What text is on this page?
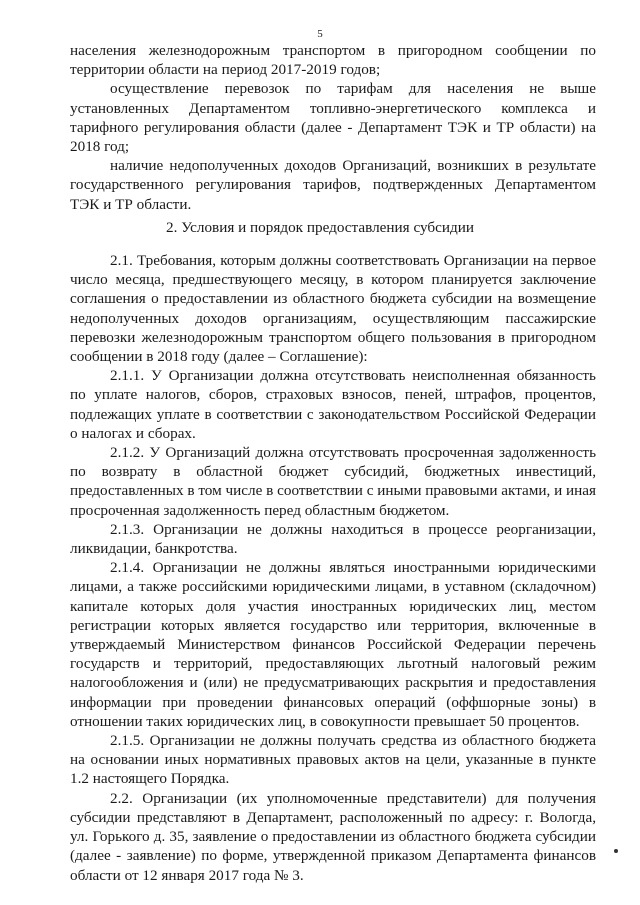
5

населения железнодорожным транспортом в пригородном сообщении по территории области на период 2017-2019 годов;

осуществление перевозок по тарифам для населения не выше установленных Департаментом топливно-энергетического комплекса и тарифного регулирования области (далее - Департамент ТЭК и ТР области) на 2018 год;

наличие недополученных доходов Организаций, возникших в результате государственного регулирования тарифов, подтвержденных Департаментом ТЭК и ТР области.

2. Условия и порядок предоставления субсидии

2.1. Требования, которым должны соответствовать Организации на первое число месяца, предшествующего месяцу, в котором планируется заключение соглашения о предоставлении из областного бюджета субсидии на возмещение недополученных доходов организациям, осуществляющим пассажирские перевозки железнодорожным транспортом общего пользования в пригородном сообщении в 2018 году (далее – Соглашение):

2.1.1. У Организации должна отсутствовать неисполненная обязанность по уплате налогов, сборов, страховых взносов, пеней, штрафов, процентов, подлежащих уплате в соответствии с законодательством Российской Федерации о налогах и сборах.

2.1.2. У Организаций должна отсутствовать просроченная задолженность по возврату в областной бюджет субсидий, бюджетных инвестиций, предоставленных в том числе в соответствии с иными правовыми актами, и иная просроченная задолженность перед областным бюджетом.

2.1.3. Организации не должны находиться в процессе реорганизации, ликвидации, банкротства.

2.1.4. Организации не должны являться иностранными юридическими лицами, а также российскими юридическими лицами, в уставном (складочном) капитале которых доля участия иностранных юридических лиц, местом регистрации которых является государство или территория, включенные в утверждаемый Министерством финансов Российской Федерации перечень государств и территорий, предоставляющих льготный налоговый режим налогообложения и (или) не предусматривающих раскрытия и предоставления информации при проведении финансовых операций (оффшорные зоны) в отношении таких юридических лиц, в совокупности превышает 50 процентов.

2.1.5. Организации не должны получать средства из областного бюджета на основании иных нормативных правовых актов на цели, указанные в пункте 1.2 настоящего Порядка.

2.2. Организации (их уполномоченные представители) для получения субсидии представляют в Департамент, расположенный по адресу: г. Вологда, ул. Горького д. 35, заявление о предоставлении из областного бюджета субсидии (далее - заявление) по форме, утвержденной приказом Департамента финансов области от 12 января 2017 года № 3.
